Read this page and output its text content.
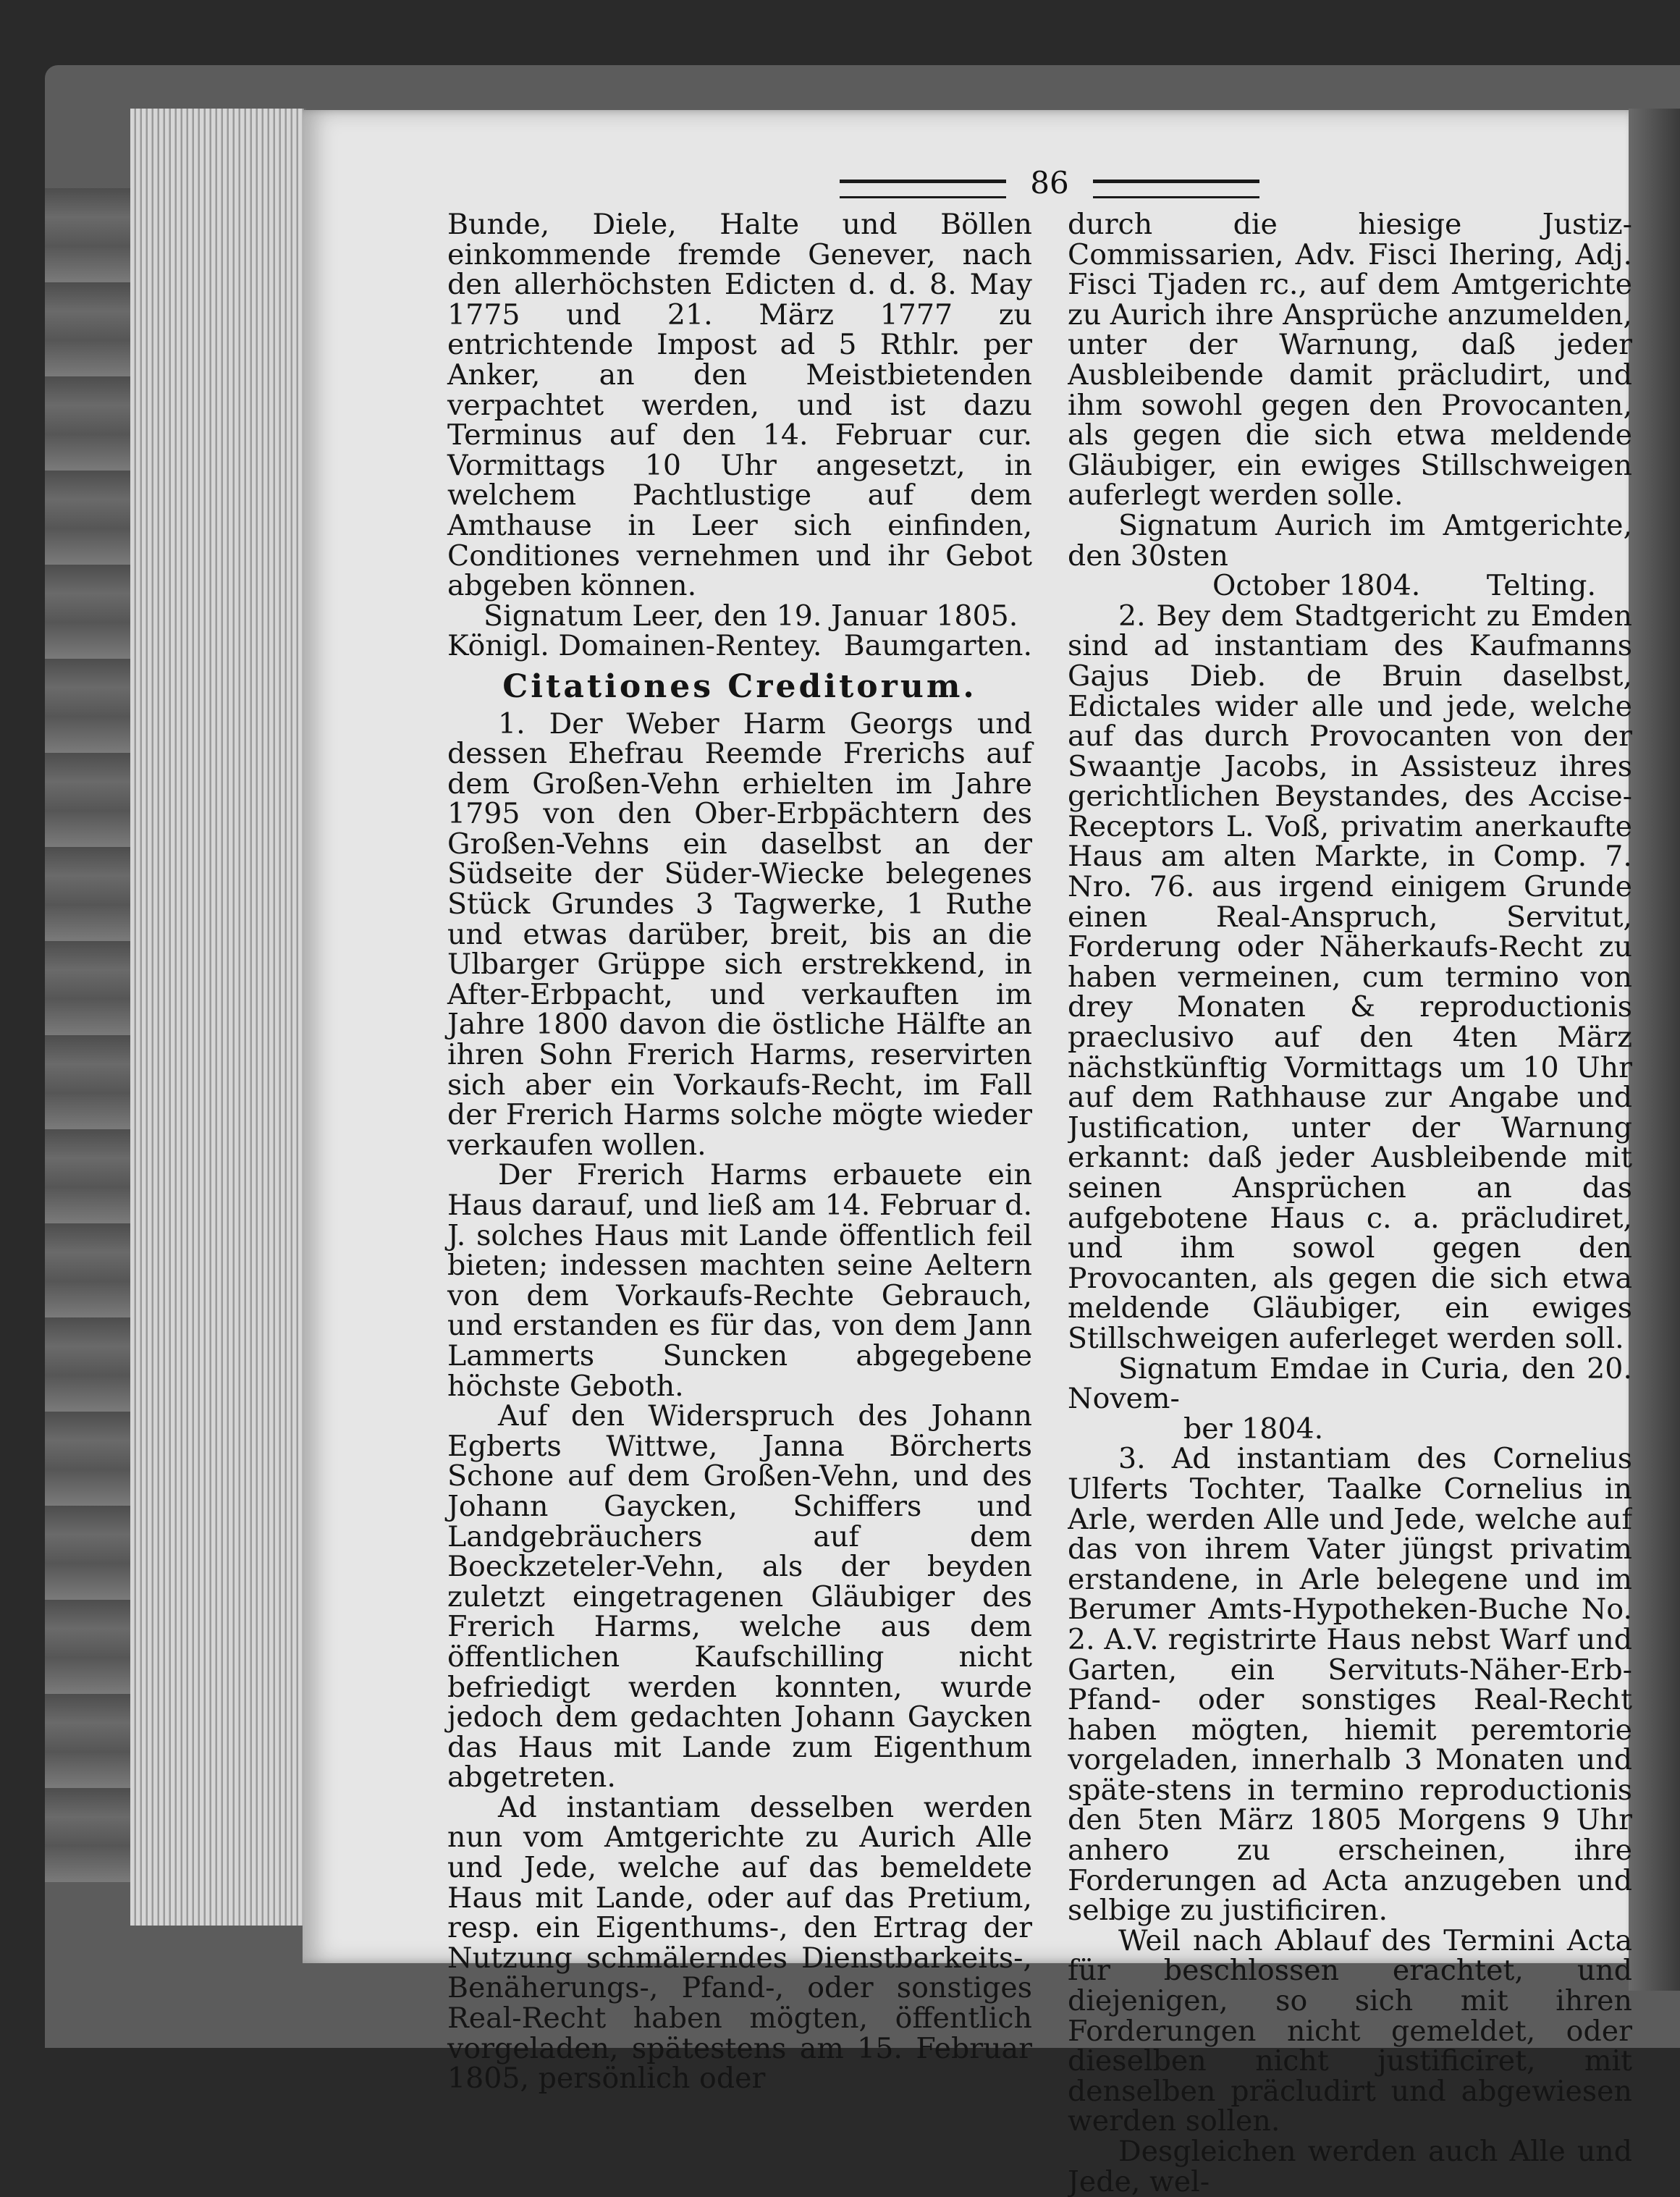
86

Bunde, Diele, Halte und Böllen einkommende fremde Genever, nach den allerhöchsten Edicten d. d. 8. May 1775 und 21. März 1777 zu entrichtende Impost ad 5 Rthlr. per Anker, an den Meistbietenden verpachtet werden, und ist dazu Terminus auf den 14. Februar cur. Vormittags 10 Uhr angesetzt, in welchem Pachtlustige auf dem Amthause in Leer sich einfinden, Conditiones vernehmen und ihr Gebot abgeben können.

Signatum Leer, den 19. Januar 1805.

Königl. Domainen-Rentey. Baumgarten.

Citationes Creditorum.

1. Der Weber Harm Georgs und dessen Ehefrau Reemde Frerichs auf dem Großen-Vehn erhielten im Jahre 1795 von den Ober-Erbpächtern des Großen-Vehns ein daselbst an der Südseite der Süder-Wiecke belegenes Stück Grundes 3 Tagwerke, 1 Ruthe und etwas darüber, breit, bis an die Ulbarger Grüppe sich erstrekkend, in After-Erbpacht, und verkauften im Jahre 1800 davon die östliche Hälfte an ihren Sohn Frerich Harms, reservirten sich aber ein Vorkaufs-Recht, im Fall der Frerich Harms solche mögte wieder verkaufen wollen.

Der Frerich Harms erbauete ein Haus darauf, und ließ am 14. Februar d. J. solches Haus mit Lande öffentlich feil bieten; indessen machten seine Aeltern von dem Vorkaufs-Rechte Gebrauch, und erstanden es für das, von dem Jann Lammerts Suncken abgegebene höchste Geboth.

Auf den Widerspruch des Johann Egberts Wittwe, Janna Börcherts Schone auf dem Großen-Vehn, und des Johann Gaycken, Schiffers und Landgebräuchers auf dem Boeckzeteler-Vehn, als der beyden zuletzt eingetragenen Gläubiger des Frerich Harms, welche aus dem öffentlichen Kaufschilling nicht befriedigt werden konnten, wurde jedoch dem gedachten Johann Gaycken das Haus mit Lande zum Eigenthum abgetreten.

Ad instantiam desselben werden nun vom Amtgerichte zu Aurich Alle und Jede, welche auf das bemeldete Haus mit Lande, oder auf das Pretium, resp. ein Eigenthums-, den Ertrag der Nutzung schmälerndes Dienstbarkeits-, Benäherungs-, Pfand-, oder sonstiges Real-Recht haben mögten, öffentlich vorgeladen, spätestens am 15. Februar 1805, persönlich oder

durch die hiesige Justiz-Commissarien, Adv. Fisci Ihering, Adj. Fisci Tjaden rc., auf dem Amtgerichte zu Aurich ihre Ansprüche anzumelden, unter der Warnung, daß jeder Ausbleibende damit präcludirt, und ihm sowohl gegen den Provocanten, als gegen die sich etwa meldende Gläubiger, ein ewiges Stillschweigen auferlegt werden solle.

Signatum Aurich im Amtgerichte, den 30sten

October 1804. Telting.

2. Bey dem Stadtgericht zu Emden sind ad instantiam des Kaufmanns Gajus Dieb. de Bruin daselbst, Edictales wider alle und jede, welche auf das durch Provocanten von der Swaantje Jacobs, in Assisteuz ihres gerichtlichen Beystandes, des Accise-Receptors L. Voß, privatim anerkaufte Haus am alten Markte, in Comp. 7. Nro. 76. aus irgend einigem Grunde einen Real-Anspruch, Servitut, Forderung oder Näherkaufs-Recht zu haben vermeinen, cum termino von drey Monaten & reproductionis praeclusivo auf den 4ten März nächstkünftig Vormittags um 10 Uhr auf dem Rathhause zur Angabe und Justification, unter der Warnung erkannt: daß jeder Ausbleibende mit seinen Ansprüchen an das aufgebotene Haus c. a. präcludiret, und ihm sowol gegen den Provocanten, als gegen die sich etwa meldende Gläubiger, ein ewiges Stillschweigen auferleget werden soll.

Signatum Emdae in Curia, den 20. Novem-

ber 1804.

3. Ad instantiam des Cornelius Ulferts Tochter, Taalke Cornelius in Arle, werden Alle und Jede, welche auf das von ihrem Vater jüngst privatim erstandene, in Arle belegene und im Berumer Amts-Hypotheken-Buche No. 2. A.V. registrirte Haus nebst Warf und Garten, ein Servituts-Näher-Erb-Pfand- oder sonstiges Real-Recht haben mögten, hiemit peremtorie vorgeladen, innerhalb 3 Monaten und späte-stens in termino reproductionis den 5ten März 1805 Morgens 9 Uhr anhero zu erscheinen, ihre Forderungen ad Acta anzugeben und selbige zu justificiren.

Weil nach Ablauf des Termini Acta für beschlossen erachtet, und diejenigen, so sich mit ihren Forderungen nicht gemeldet, oder dieselben nicht justificiret, mit denselben präcludirt und abgewiesen werden sollen.

Desgleichen werden auch Alle und Jede, wel-
